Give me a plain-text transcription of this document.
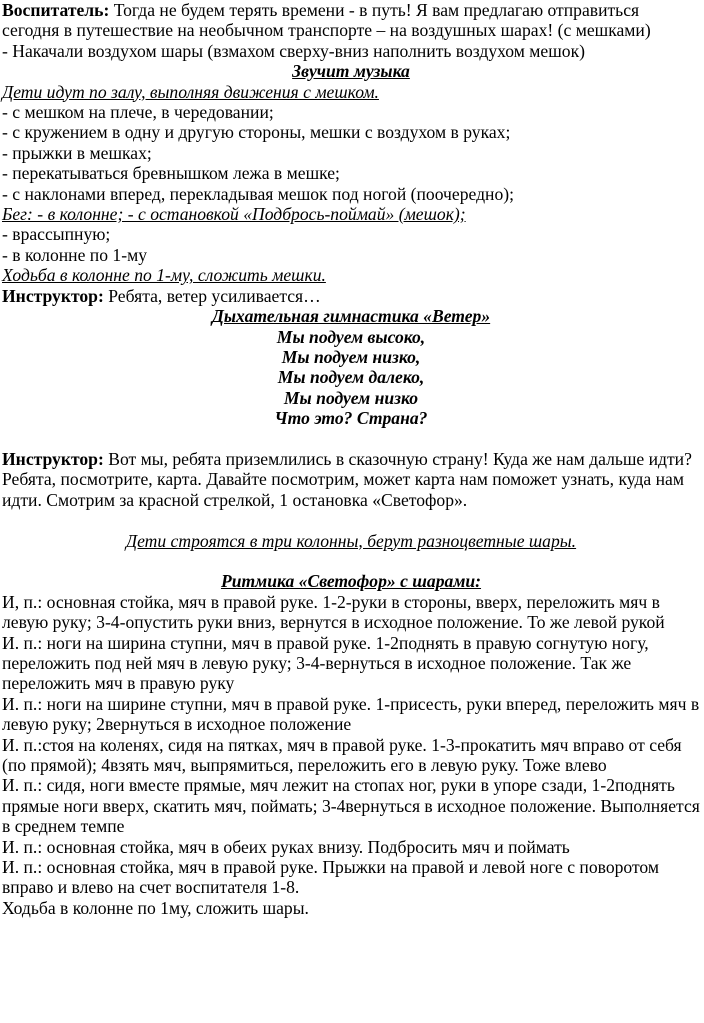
Воспитатель: Тогда не будем терять времени - в путь! Я вам предлагаю отправиться сегодня в путешествие на необычном транспорте – на воздушных шарах! (с мешками)

- Накачали воздухом шары (взмахом сверху-вниз наполнить воздухом мешок)

Звучит музыка

Дети идут по залу, выполняя движения с мешком.

- с мешком на плече, в чередовании;

- с кружением в одну и другую стороны, мешки с воздухом в руках;

- прыжки в мешках;

- перекатываться бревнышком лежа в мешке;

- с наклонами вперед, перекладывая мешок под ногой (поочередно);

Бег: - в колонне; - с остановкой «Подбрось-поймай» (мешок);

- врассыпную;

- в колонне по 1-му

Ходьба в колонне по 1-му, сложить мешки.

Инструктор: Ребята, ветер усиливается…

Дыхательная гимнастика «Ветер»

Мы подуем высоко,

Мы подуем низко,

Мы подуем далеко,

Мы подуем низко

Что это? Страна?

Инструктор: Вот мы, ребята приземлились в сказочную страну! Куда же нам дальше идти? Ребята, посмотрите, карта. Давайте посмотрим, может карта нам поможет узнать, куда нам идти. Смотрим за красной стрелкой, 1 остановка «Светофор».

Дети строятся в три колонны, берут разноцветные шары.

Ритмика «Светофор» с шарами:

И, п.: основная стойка, мяч в правой руке. 1-2-руки в стороны, вверх, переложить мяч в левую руку; 3-4-опустить руки вниз, вернутся в исходное положение. То же левой рукой

И. п.: ноги на ширина ступни, мяч в правой руке. 1-2поднять в правую согнутую ногу, переложить под ней мяч в левую руку; 3-4-вернуться в исходное положение. Так же переложить мяч в правую руку

И. п.: ноги на ширине ступни, мяч в правой руке. 1-присесть, руки вперед, переложить мяч в левую руку; 2вернуться в исходное положение

И. п.:стоя на коленях, сидя на пятках, мяч в правой руке. 1-3-прокатить мяч вправо от себя (по прямой); 4взять мяч, выпрямиться, переложить его в левую руку. Тоже влево

И. п.: сидя, ноги вместе прямые, мяч лежит на стопах ног, руки в упоре сзади, 1-2поднять прямые ноги вверх, скатить мяч, поймать; 3-4вернуться в исходное положение. Выполняется в среднем темпе

И. п.: основная стойка, мяч в обеих руках внизу. Подбросить мяч и поймать

И. п.: основная стойка, мяч в правой руке. Прыжки на правой и левой ноге с поворотом вправо и влево на счет воспитателя 1-8.

Ходьба в колонне по 1му, сложить шары.
